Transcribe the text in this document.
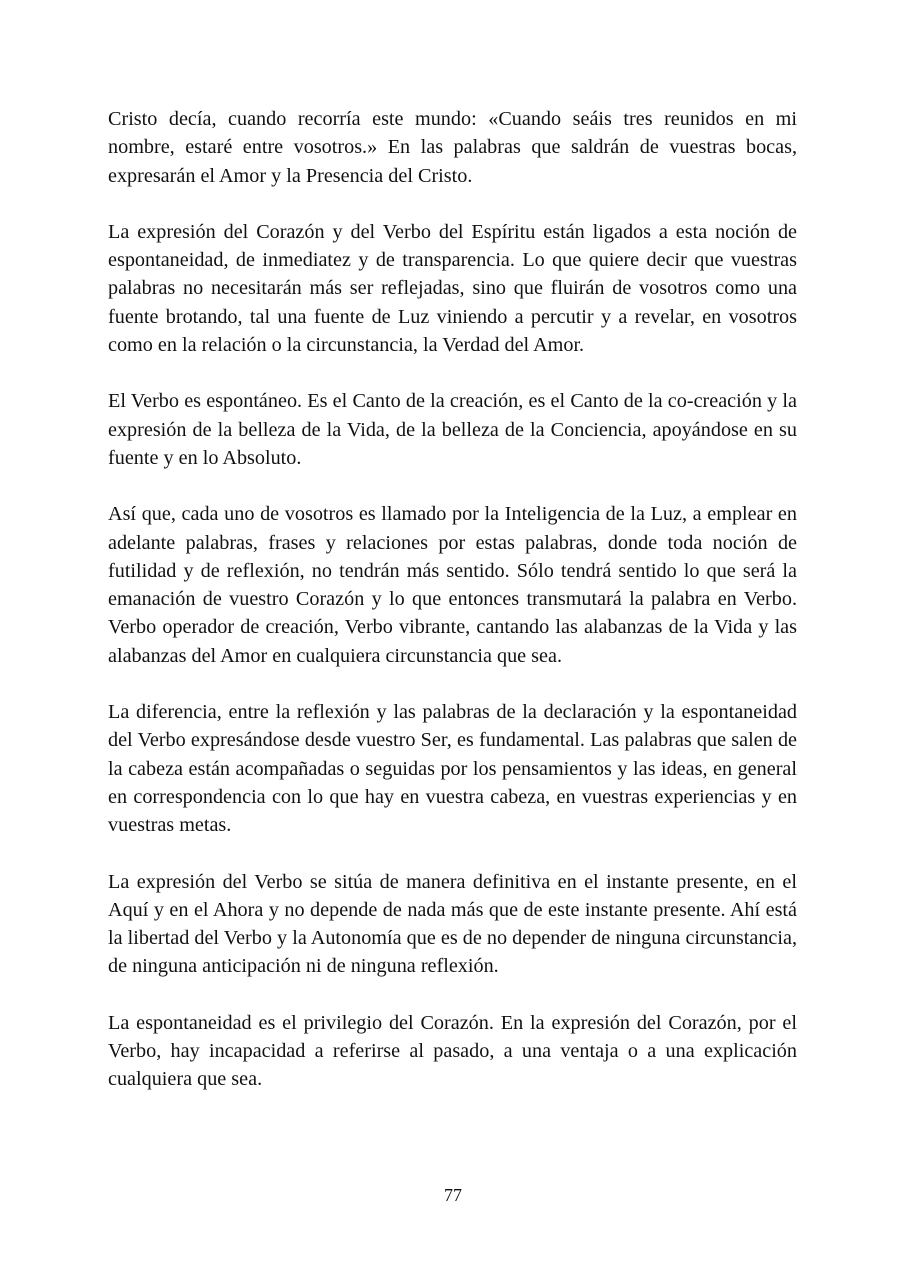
Cristo decía, cuando recorría este mundo: «Cuando seáis tres reunidos en mi nombre, estaré entre vosotros.» En las palabras que saldrán de vuestras bocas, expresarán el Amor y la Presencia del Cristo.

La expresión del Corazón y del Verbo del Espíritu están ligados a esta noción de espontaneidad, de inmediatez y de transparencia. Lo que quiere decir que vuestras palabras no necesitarán más ser reflejadas, sino que fluirán de vosotros como una fuente brotando, tal una fuente de Luz viniendo a percutir y a revelar, en vosotros como en la relación o la circunstancia, la Verdad del Amor.

El Verbo es espontáneo. Es el Canto de la creación, es el Canto de la co-creación y la expresión de la belleza de la Vida, de la belleza de la Conciencia, apoyándose en su fuente y en lo Absoluto.

Así que, cada uno de vosotros es llamado por la Inteligencia de la Luz, a emplear en adelante palabras, frases y relaciones por estas palabras, donde toda noción de futilidad y de reflexión, no tendrán más sentido. Sólo tendrá sentido lo que será la emanación de vuestro Corazón y lo que entonces transmutará la palabra en Verbo. Verbo operador de creación, Verbo vibrante, cantando las alabanzas de la Vida y las alabanzas del Amor en cualquiera circunstancia que sea.

La diferencia, entre la reflexión y las palabras de la declaración y la espontaneidad del Verbo expresándose desde vuestro Ser, es fundamental. Las palabras que salen de la cabeza están acompañadas o seguidas por los pensamientos y las ideas, en general en correspondencia con lo que hay en vuestra cabeza, en vuestras experiencias y en vuestras metas.

La expresión del Verbo se sitúa de manera definitiva en el instante presente, en el Aquí y en el Ahora y no depende de nada más que de este instante presente. Ahí está la libertad del Verbo y la Autonomía que es de no depender de ninguna circunstancia, de ninguna anticipación ni de ninguna reflexión.

La espontaneidad es el privilegio del Corazón. En la expresión del Corazón, por el Verbo, hay incapacidad a referirse al pasado, a una ventaja o a una explicación cualquiera que sea.

77
